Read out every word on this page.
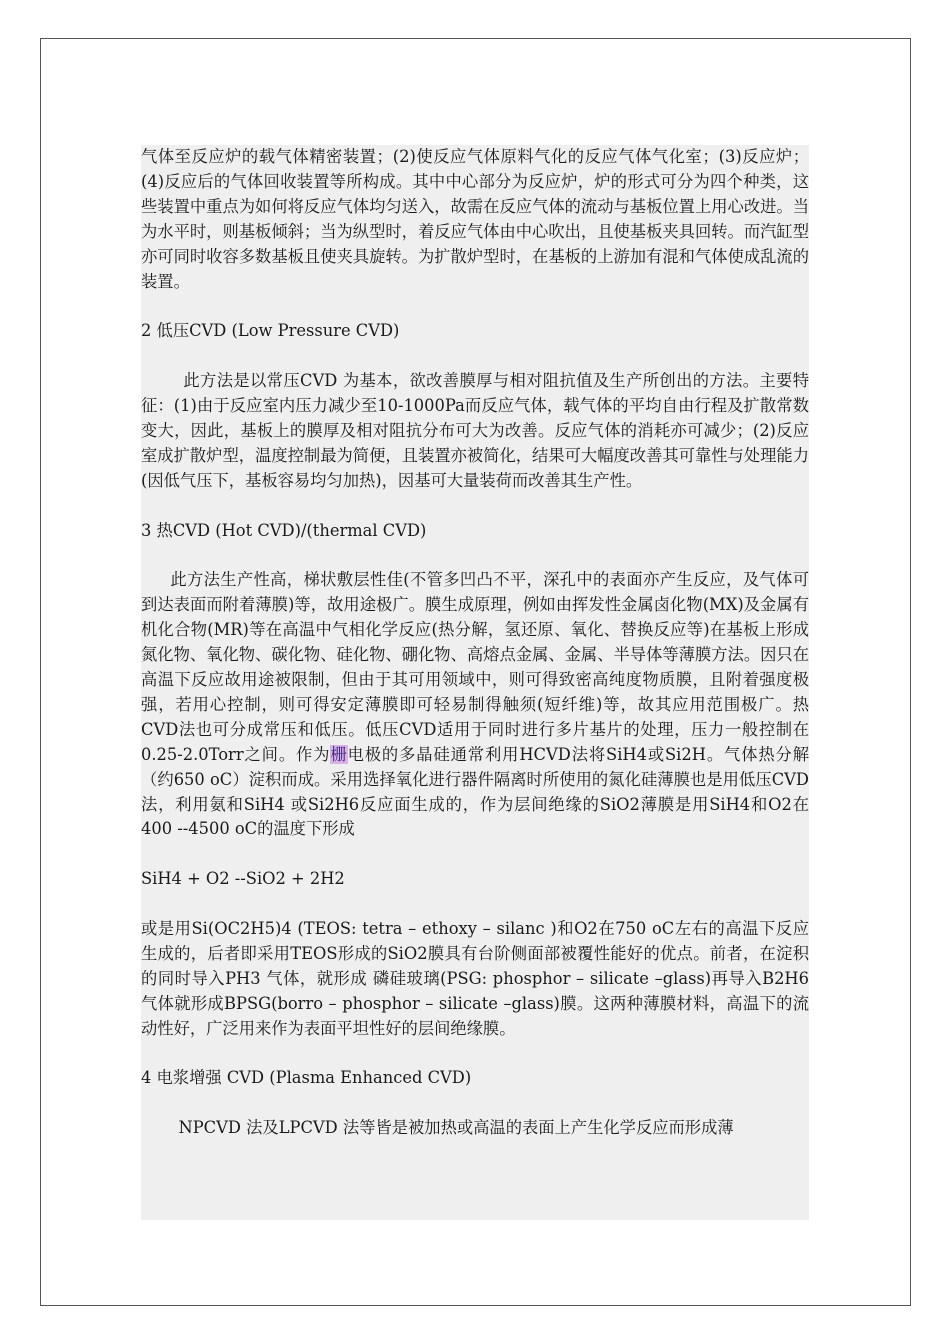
气体至反应炉的载气体精密装置；(2)使反应气体原料气化的反应气体气化室；(3)反应炉；(4)反应后的气体回收装置等所构成。其中中心部分为反应炉，炉的形式可分为四个种类，这些装置中重点为如何将反应气体均匀送入，故需在反应气体的流动与基板位置上用心改进。当为水平时，则基板倾斜；当为纵型时，着反应气体由中心吹出，且使基板夹具回转。而汽缸型亦可同时收容多数基板且使夹具旋转。为扩散炉型时，在基板的上游加有混和气体使成乱流的装置。

2 低压CVD (Low Pressure CVD)

此方法是以常压CVD 为基本，欲改善膜厚与相对阻抗值及生产所创出的方法。主要特征：(1)由于反应室内压力减少至10-1000Pa而反应气体，载气体的平均自由行程及扩散常数变大，因此，基板上的膜厚及相对阻抗分布可大为改善。反应气体的消耗亦可减少；(2)反应室成扩散炉型，温度控制最为简便，且装置亦被简化，结果可大幅度改善其可靠性与处理能力(因低气压下，基板容易均匀加热)，因基可大量装荷而改善其生产性。

3 热CVD (Hot CVD)/(thermal CVD)

此方法生产性高，梯状敷层性佳(不管多凹凸不平，深孔中的表面亦产生反应，及气体可到达表面而附着薄膜)等，故用途极广。膜生成原理，例如由挥发性金属卤化物(MX)及金属有机化合物(MR)等在高温中气相化学反应(热分解，氢还原、氧化、替换反应等)在基板上形成氮化物、氧化物、碳化物、硅化物、硼化物、高熔点金属、金属、半导体等薄膜方法。因只在高温下反应故用途被限制，但由于其可用领域中，则可得致密高纯度物质膜，且附着强度极强，若用心控制，则可得安定薄膜即可轻易制得触须(短纤维)等，故其应用范围极广。热CVD法也可分成常压和低压。低压CVD适用于同时进行多片基片的处理，压力一般控制在0.25-2.0Torr之间。作为栅电极的多晶硅通常利用HCVD法将SiH4或Si2H。气体热分解（约650 oC）淀积而成。采用选择氧化进行器件隔离时所使用的氮化硅薄膜也是用低压CVD法，利用氨和SiH4 或Si2H6反应面生成的，作为层间绝缘的SiO2薄膜是用SiH4和O2在400 --4500 oC的温度下形成

SiH4 + O2 --SiO2 + 2H2

或是用Si(OC2H5)4 (TEOS: tetra – ethoxy – silanc )和O2在750 oC左右的高温下反应生成的，后者即采用TEOS形成的SiO2膜具有台阶侧面部被覆性能好的优点。前者，在淀积的同时导入PH3 气体，就形成 磷硅玻璃(PSG: phosphor – silicate –glass)再导入B2H6气体就形成BPSG(borro – phosphor – silicate –glass)膜。这两种薄膜材料，高温下的流动性好，广泛用来作为表面平坦性好的层间绝缘膜。

4 电浆增强 CVD (Plasma Enhanced CVD)

NPCVD 法及LPCVD 法等皆是被加热或高温的表面上产生化学反应而形成薄
